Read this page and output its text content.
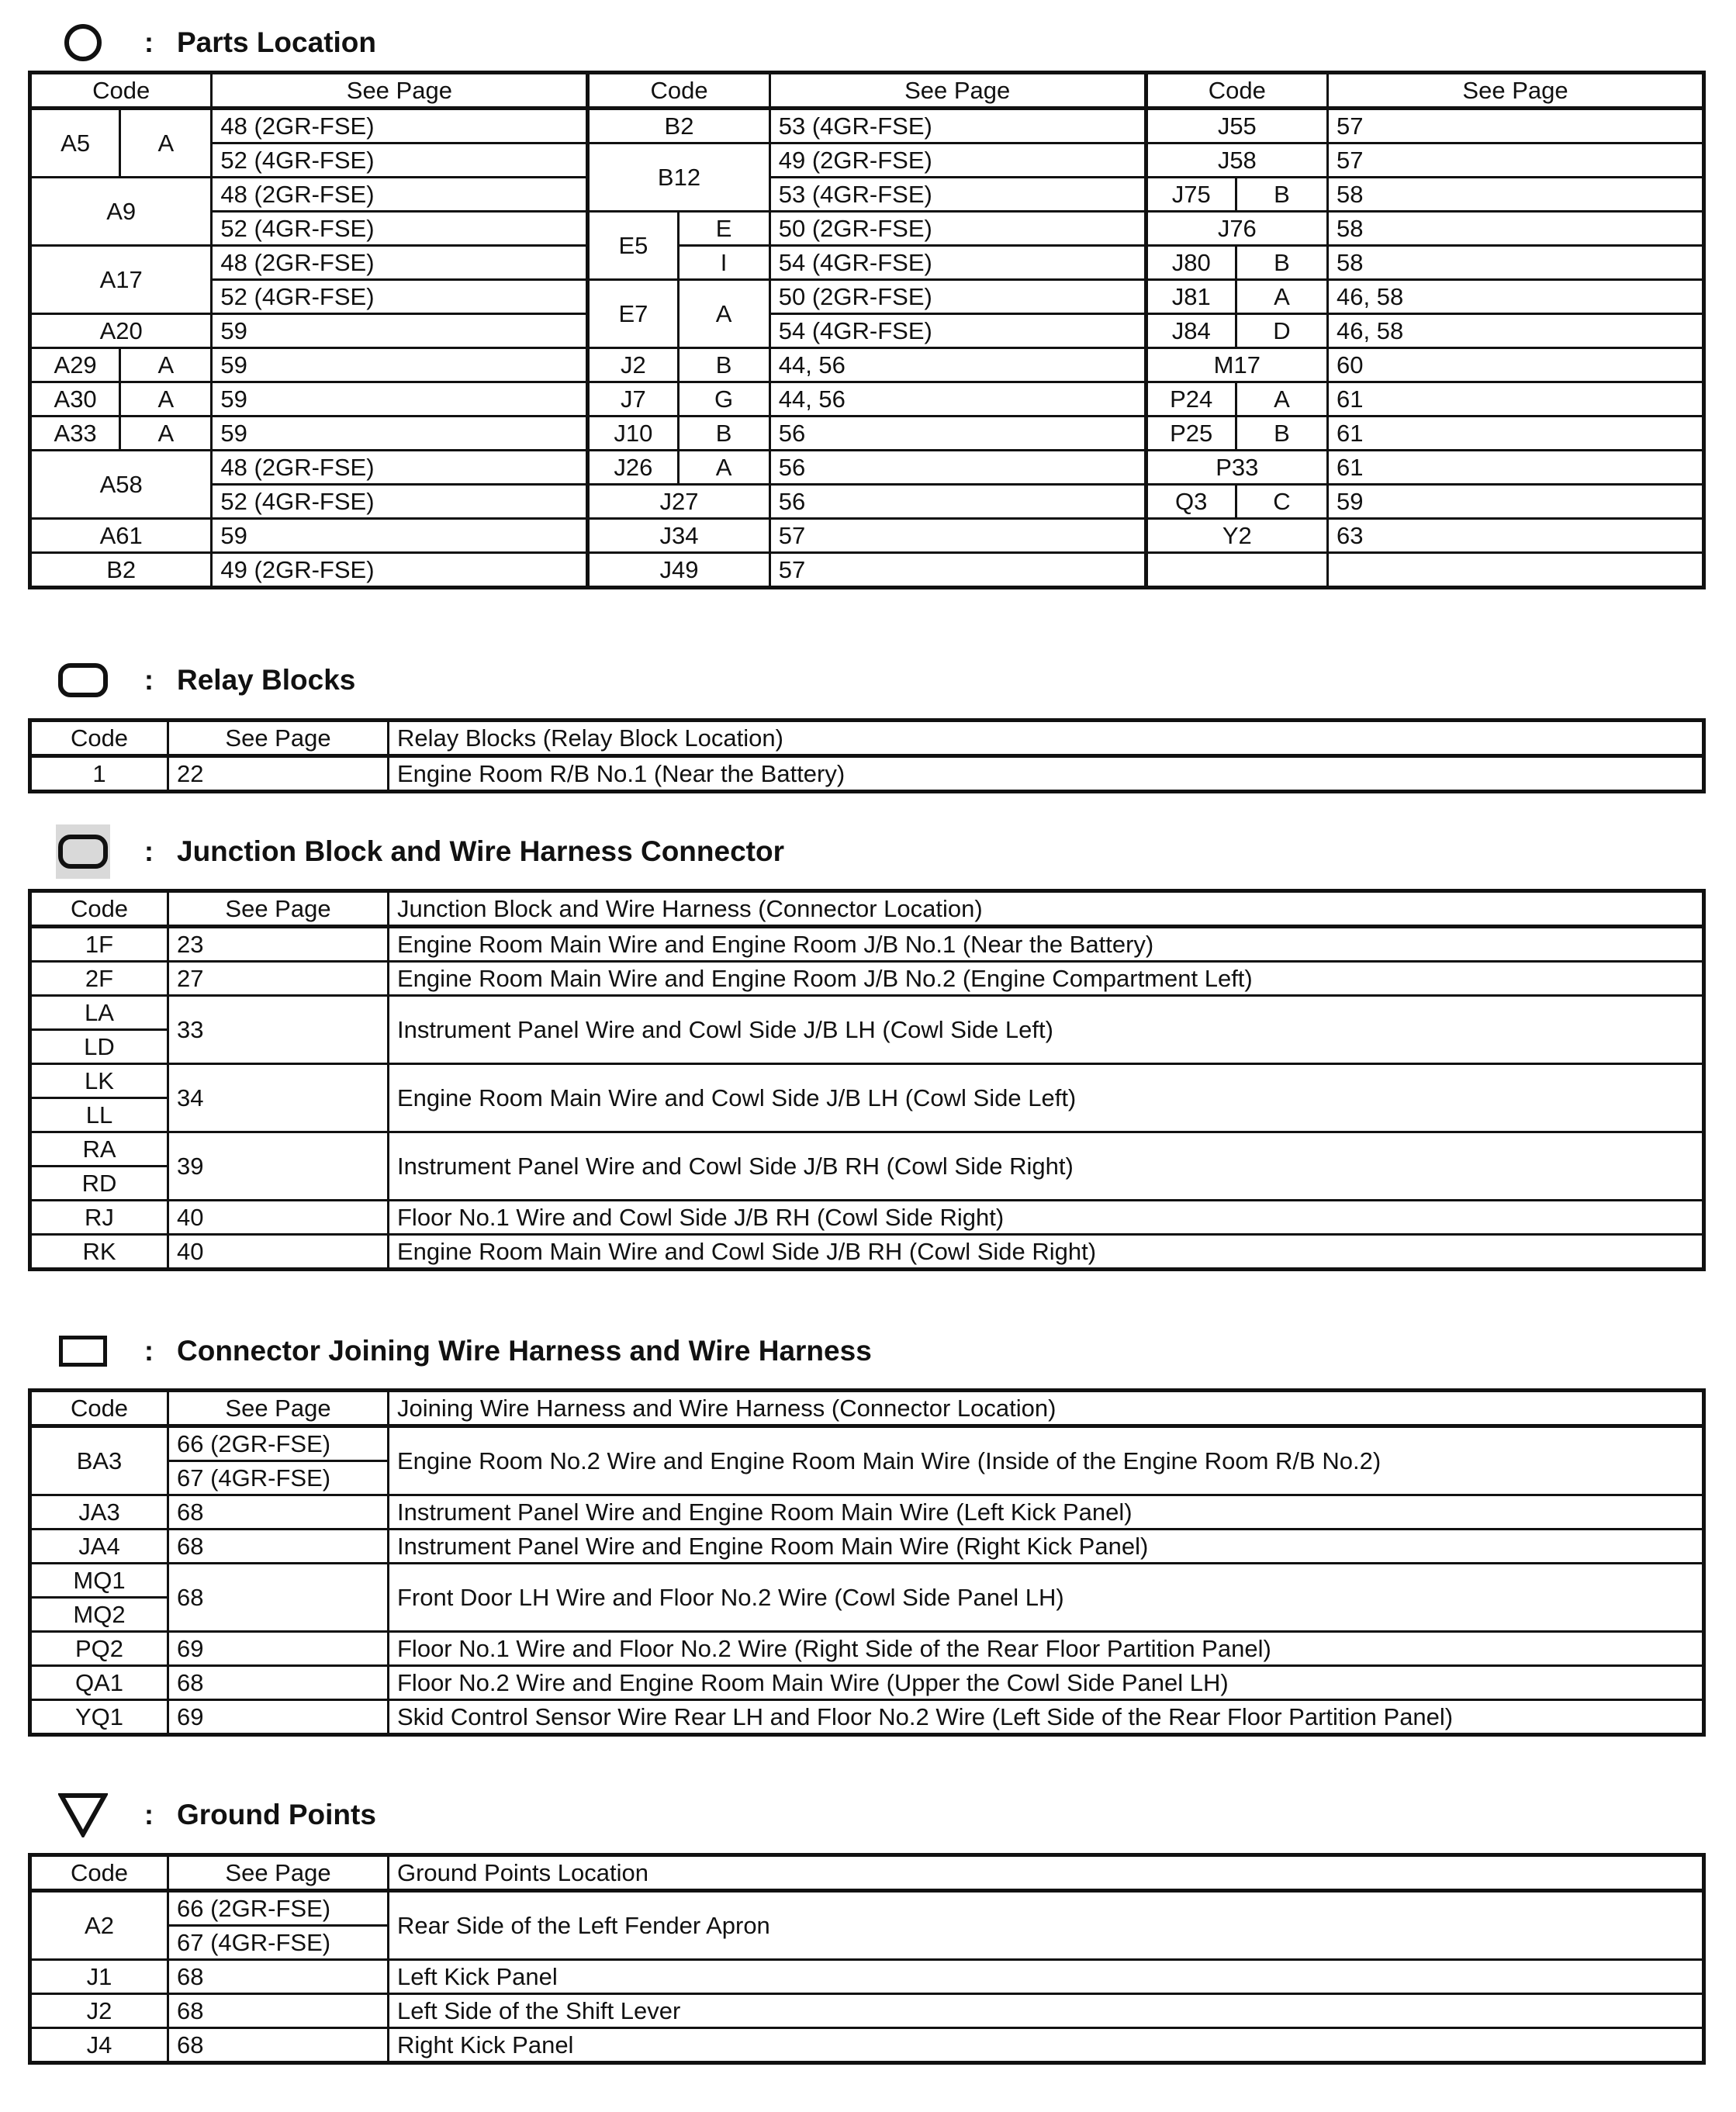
: Parts Location
Code		See Page	Code		See Page	Code		See Page
A5	A	48 (2GR-FSE)	B2		53 (4GR-FSE)	J55		57
		52 (4GR-FSE)	B12		49 (2GR-FSE)	J58		57
A9		48 (2GR-FSE)			53 (4GR-FSE)	J75	B	58
		52 (4GR-FSE)	E5	E	50 (2GR-FSE)	J76		58
A17		48 (2GR-FSE)		I	54 (4GR-FSE)	J80	B	58
		52 (4GR-FSE)	E7	A	50 (2GR-FSE)	J81	A	46, 58
A20		59			54 (4GR-FSE)	J84	D	46, 58
A29	A	59	J2	B	44, 56	M17		60
A30	A	59	J7	G	44, 56	P24	A	61
A33	A	59	J10	B	56	P25	B	61
A58		48 (2GR-FSE)	J26	A	56	P33		61
		52 (4GR-FSE)	J27		56	Q3	C	59
A61		59	J34		57	Y2		63
B2		49 (2GR-FSE)	J49		57			
: Relay Blocks
Code	See Page	Relay Blocks (Relay Block Location)
1	22	Engine Room R/B No.1 (Near the Battery)
: Junction Block and Wire Harness Connector
Code	See Page	Junction Block and Wire Harness (Connector Location)
1F	23	Engine Room Main Wire and Engine Room J/B No.1 (Near the Battery)
2F	27	Engine Room Main Wire and Engine Room J/B No.2 (Engine Compartment Left)
LA	33	Instrument Panel Wire and Cowl Side J/B LH (Cowl Side Left)
LD		
LK	34	Engine Room Main Wire and Cowl Side J/B LH (Cowl Side Left)
LL		
RA	39	Instrument Panel Wire and Cowl Side J/B RH (Cowl Side Right)
RD		
RJ	40	Floor No.1 Wire and Cowl Side J/B RH (Cowl Side Right)
RK	40	Engine Room Main Wire and Cowl Side J/B RH (Cowl Side Right)
: Connector Joining Wire Harness and Wire Harness
Code	See Page	Joining Wire Harness and Wire Harness (Connector Location)
BA3	66 (2GR-FSE)	Engine Room No.2 Wire and Engine Room Main Wire (Inside of the Engine Room R/B No.2)
	67 (4GR-FSE)	
JA3	68	Instrument Panel Wire and Engine Room Main Wire (Left Kick Panel)
JA4	68	Instrument Panel Wire and Engine Room Main Wire (Right Kick Panel)
MQ1	68	Front Door LH Wire and Floor No.2 Wire (Cowl Side Panel LH)
MQ2		
PQ2	69	Floor No.1 Wire and Floor No.2 Wire (Right Side of the Rear Floor Partition Panel)
QA1	68	Floor No.2 Wire and Engine Room Main Wire (Upper the Cowl Side Panel LH)
YQ1	69	Skid Control Sensor Wire Rear LH and Floor No.2 Wire (Left Side of the Rear Floor Partition Panel)
: Ground Points
Code	See Page	Ground Points Location
A2	66 (2GR-FSE)	Rear Side of the Left Fender Apron
	67 (4GR-FSE)	
J1	68	Left Kick Panel
J2	68	Left Side of the Shift Lever
J4	68	Right Kick Panel
